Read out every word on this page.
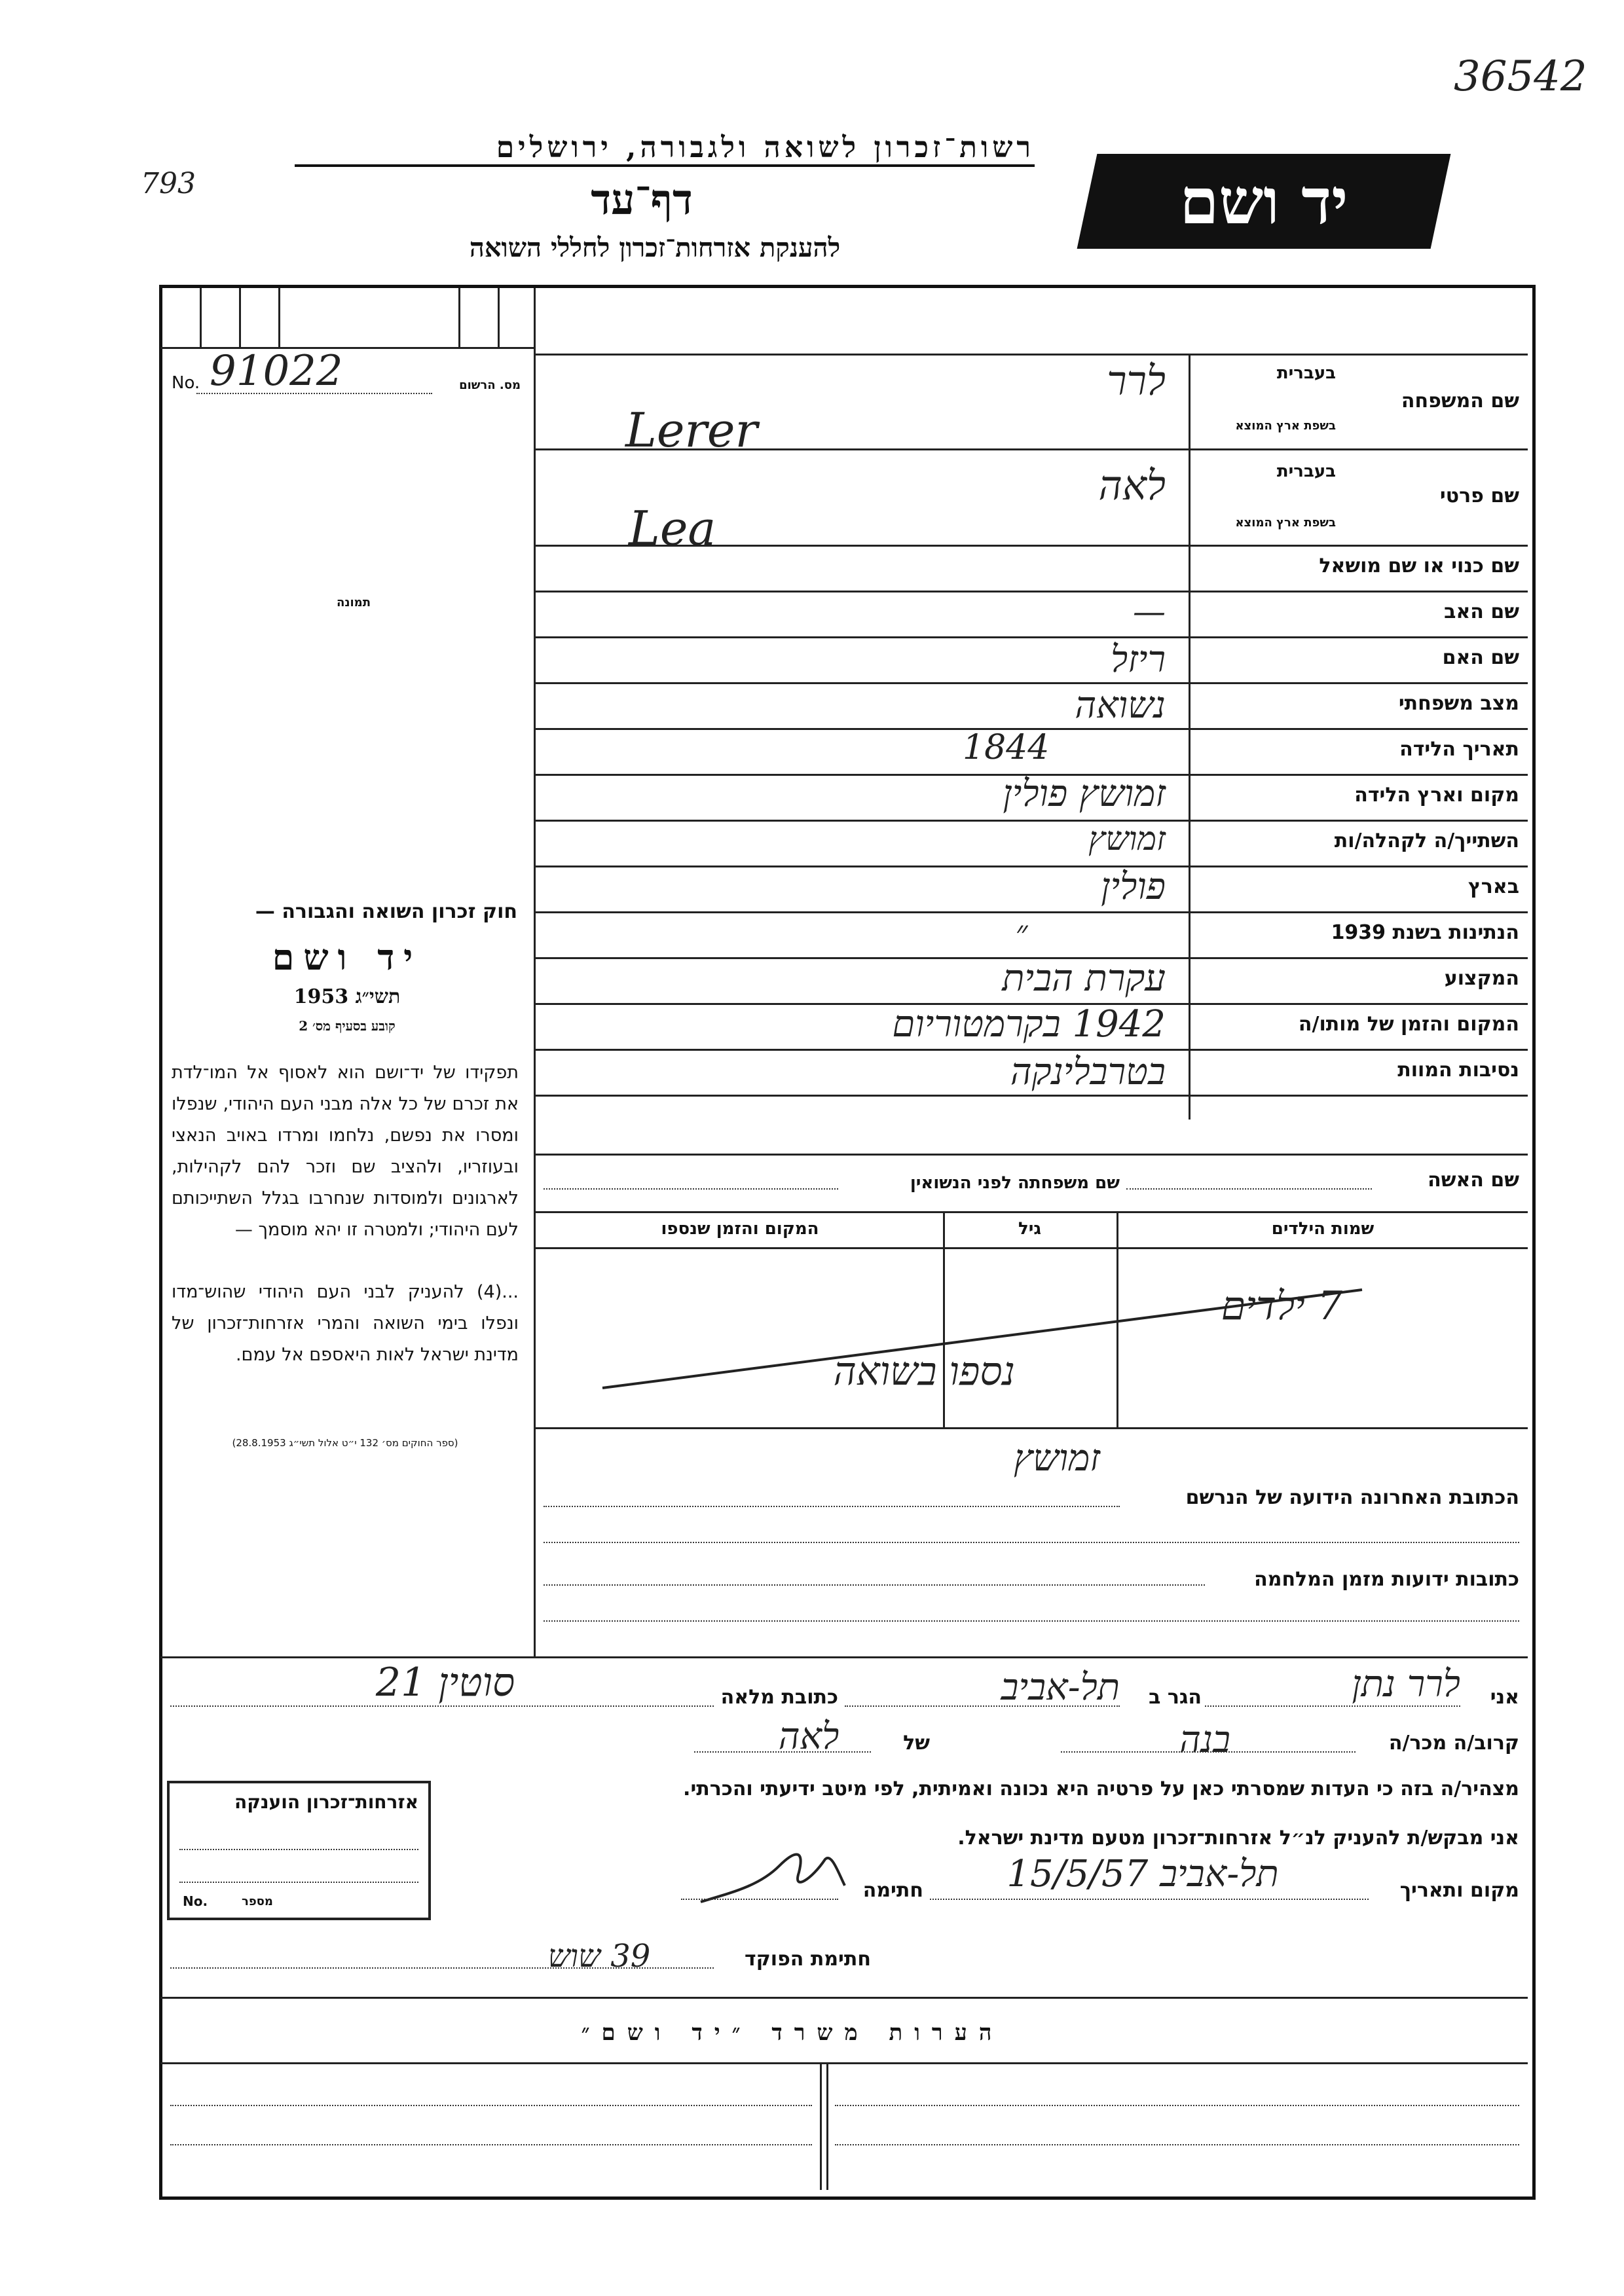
36542
793
רשות־זכרון לשואה ולגבורה, ירושלים
דף־עד
להענקת אזרחות־זכרון לחללי השואה
יד ושם
No. 91022	מס. הרשום
תמונה
חוק זכרון השואה והגבורה —
יד ושם
תשי״ג 1953
קובע בסעיף מס׳ 2
תפקידו של יד־ושם הוא לאסוף אל המו־לדת את זכרם של כל אלה מבני העם היהודי, שנפלו ומסרו את נפשם, נלחמו ומרדו באויב הנאצי ובעוזריו, ולהציב שם וזכר להם לקהילות, לארגונים ולמוסדות שנחרבו בגלל השתייכותם לעם היהודי; ולמטרה זו יהא מוסמך —
...(4) להעניק לבני העם היהודי שהוש־מדו ונפלו בימי השואה והמרי אזרחות־זכרון של מדינת ישראל לאות היאספם אל עמם.
(ספר החוקים מס׳ 132 י״ט אלול תשי״ג 28.8.1953)
בעברית
שם המשפחה
בשפת ארץ המוצא
לרר
Lerer
בעברית
שם פרטי
בשפת ארץ המוצא
לאה
Lea
שם כנוי או שם מושאל
שם האב
—
שם האם
ריזל
מצב משפחתי
נשואה
תאריך הלידה
1844
מקום וארץ הלידה
זמושץ פולין
השתייך/ה לקהלה/ות
זמושץ
בארץ
פולין
הנתינות בשנת 1939
״
המקצוע
עקרת הבית
המקום והזמן של מותו/ה
1942 בקרמטוריום
נסיבות המוות
בטרבלינקה
שם האשה
שם משפחתה לפני הנשואין
שמות הילדים
גיל
המקום והזמן שנספו
7 ילדים
נספו בשואה
זמושץ
הכתובת האחרונה הידועה של הנרשם
כתובות ידועות מזמן המלחמה
אני
לרר נתן
הגר ב
תל-אביב
כתובת מלאה
סוטין 21
קרוב/ה מכר/ה
בנה
של
לאה
מצהיר/ה בזה כי העדות שמסרתי כאן על פרטיה היא נכונה ואמיתית, לפי מיטב ידיעתי והכרתי.
אני מבקש/ת להעניק לנ״ל אזרחות־זכרון מטעם מדינת ישראל.
מקום ותאריך
תל-אביב 15/5/57
חתימה
חתימת הפוקד
39 שוש
אזרחות־זכרון הוענקה
No.	מספר
הערות משרד ״יד ושם״
